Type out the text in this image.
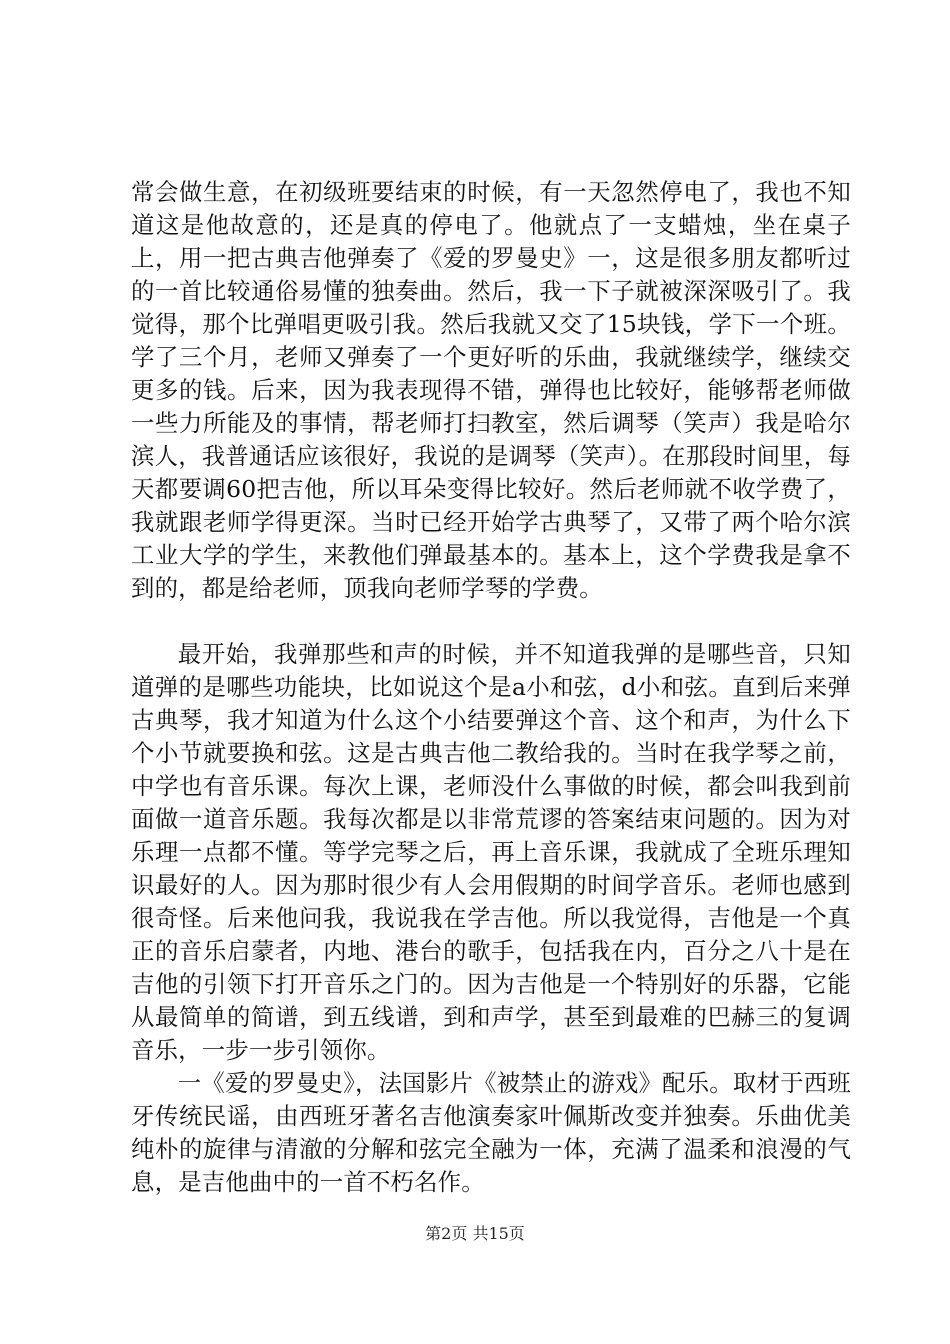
常会做生意，在初级班要结束的时候，有一天忽然停电了，我也不知道这是他故意的，还是真的停电了。他就点了一支蜡烛，坐在桌子上，用一把古典吉他弹奏了《爱的罗曼史》一，这是很多朋友都听过的一首比较通俗易懂的独奏曲。然后，我一下子就被深深吸引了。我觉得，那个比弹唱更吸引我。然后我就又交了15块钱，学下一个班。学了三个月，老师又弹奏了一个更好听的乐曲，我就继续学，继续交更多的钱。后来，因为我表现得不错，弹得也比较好，能够帮老师做一些力所能及的事情，帮老师打扫教室，然后调琴（笑声）我是哈尔滨人，我普通话应该很好，我说的是调琴（笑声）。在那段时间里，每天都要调60把吉他，所以耳朵变得比较好。然后老师就不收学费了，我就跟老师学得更深。当时已经开始学古典琴了，又带了两个哈尔滨工业大学的学生，来教他们弹最基本的。基本上，这个学费我是拿不到的，都是给老师，顶我向老师学琴的学费。

最开始，我弹那些和声的时候，并不知道我弹的是哪些音，只知道弹的是哪些功能块，比如说这个是a小和弦，d小和弦。直到后来弹古典琴，我才知道为什么这个小结要弹这个音、这个和声，为什么下个小节就要换和弦。这是古典吉他二教给我的。当时在我学琴之前，中学也有音乐课。每次上课，老师没什么事做的时候，都会叫我到前面做一道音乐题。我每次都是以非常荒谬的答案结束问题的。因为对乐理一点都不懂。等学完琴之后，再上音乐课，我就成了全班乐理知识最好的人。因为那时很少有人会用假期的时间学音乐。老师也感到很奇怪。后来他问我，我说我在学吉他。所以我觉得，吉他是一个真正的音乐启蒙者，内地、港台的歌手，包括我在内，百分之八十是在吉他的引领下打开音乐之门的。因为吉他是一个特别好的乐器，它能从最简单的简谱，到五线谱，到和声学，甚至到最难的巴赫三的复调音乐，一步一步引领你。

一《爱的罗曼史》，法国影片《被禁止的游戏》配乐。取材于西班牙传统民谣，由西班牙著名吉他演奏家叶佩斯改变并独奏。乐曲优美纯朴的旋律与清澈的分解和弦完全融为一体，充满了温柔和浪漫的气息，是吉他曲中的一首不朽名作。

第2页 共15页
